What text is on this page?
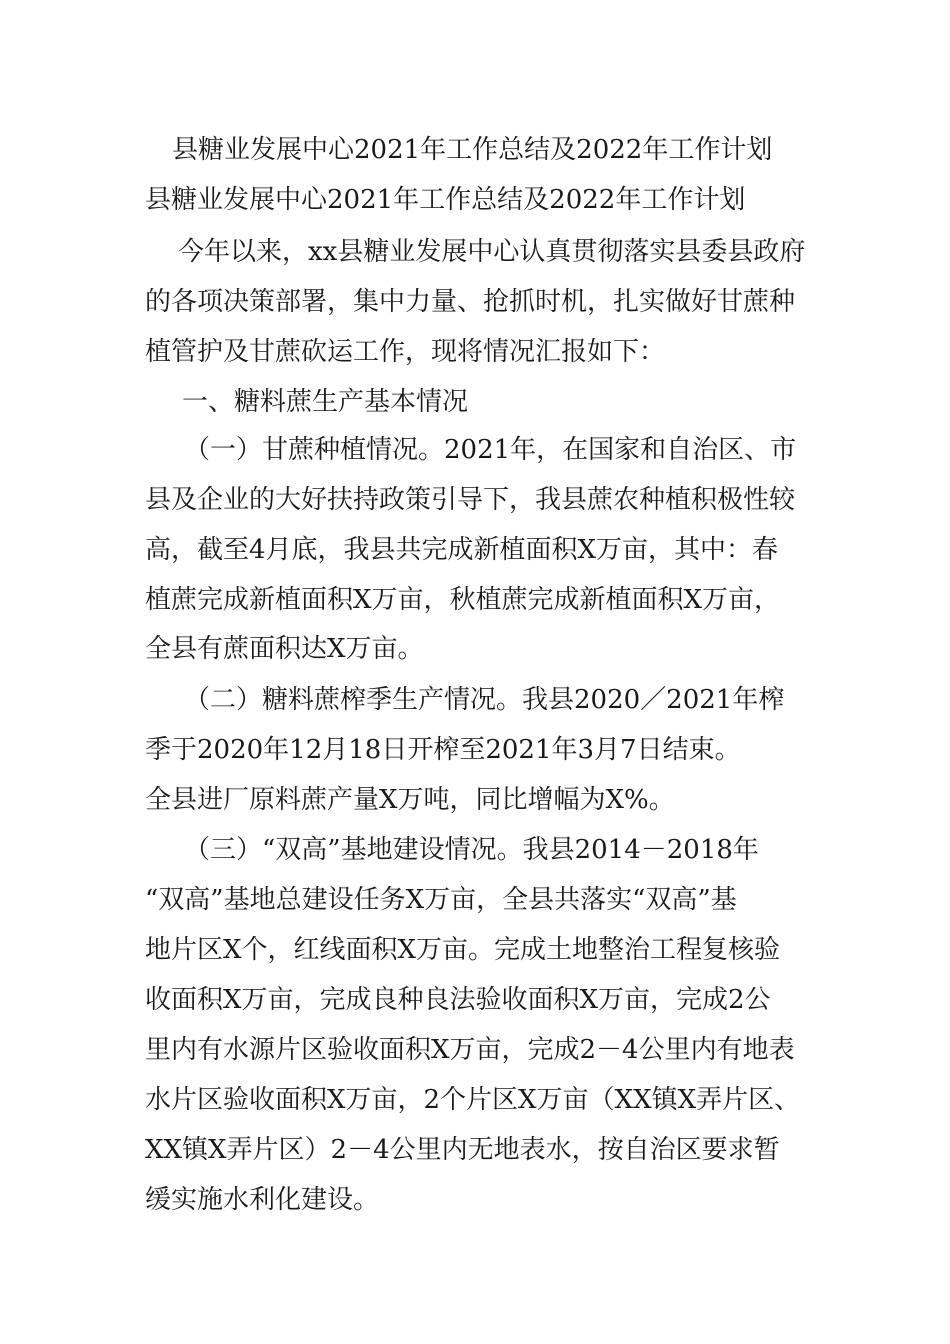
县糖业发展中心2021年工作总结及2022年工作计划
县糖业发展中心2021年工作总结及2022年工作计划
今年以来，xx县糖业发展中心认真贯彻落实县委县政府
的各项决策部署，集中力量、抢抓时机，扎实做好甘蔗种
植管护及甘蔗砍运工作，现将情况汇报如下：
一、糖料蔗生产基本情况
（一）甘蔗种植情况。2021年，在国家和自治区、市
县及企业的大好扶持政策引导下，我县蔗农种植积极性较
高，截至4月底，我县共完成新植面积X万亩，其中：春
植蔗完成新植面积X万亩，秋植蔗完成新植面积X万亩，
全县有蔗面积达X万亩。
（二）糖料蔗榨季生产情况。我县2020／2021年榨
季于2020年12月18日开榨至2021年3月7日结束。
全县进厂原料蔗产量X万吨，同比增幅为X%。
（三）“双高”基地建设情况。我县2014－2018年
“双高”基地总建设任务X万亩，全县共落实“双高”基
地片区X个，红线面积X万亩。完成土地整治工程复核验
收面积X万亩，完成良种良法验收面积X万亩，完成2公
里内有水源片区验收面积X万亩，完成2－4公里内有地表
水片区验收面积X万亩，2个片区X万亩（XX镇X弄片区、
XX镇X弄片区）2－4公里内无地表水，按自治区要求暂
缓实施水利化建设。
